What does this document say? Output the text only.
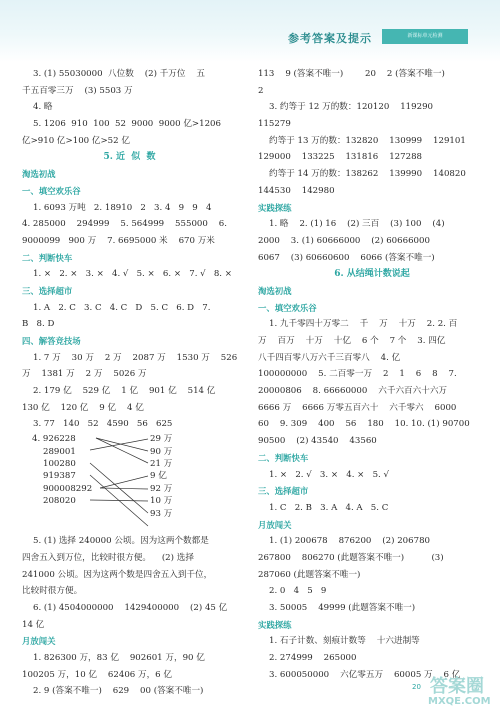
参考答案及提示	新课标单元检测
3. (1) 55030000  八位数    (2) 千万位    五
千五百零三万    (3) 5503 万
4. 略
5. 1206  910  100  52  9000  9000 亿>1206
亿>910 亿>100 亿>52 亿
5. 近  似  数
淘选初战
一、填空欢乐谷
1. 6093 万吨   2. 18910   2   3. 4   9   9   4
4. 285000    294999    5. 564999    555000    6.
9000099   900 万    7. 6695000 米    670 万米
二、判断快车
1. ×   2. ×   3. ×   4. √   5. ×   6. ×   7. √   8. ×
三、选择超市
1. A   2. C   3. C   4. C   D   5. C   6. D   7.
B   8. D
四、解答竞技场
1. 7 万    30 万    2 万    2087 万    1530 万    526
万    1381 万    2 万    5026 万
2. 179 亿    529 亿    1 亿    901 亿    514 亿
130 亿    120 亿    9 亿    4 亿
3. 77   140   52   4590   56   625
4. 926228
289001
100280
919387
900008292
208020
29 万
90 万
21 万
9 亿
92 万
10 万
93 万
5. (1) 选择 240000 公顷。因为这两个数都是
四舍五入到万位，比较时很方便。    (2) 选择
241000 公顷。因为这两个数是四舍五入到千位，
比较时很方便。
6. (1) 4504000000    1429400000    (2) 45 亿
14 亿
月放闯关
1. 826300 万，83 亿    902601 万，90 亿
100205 万，10 亿    62406 万，6 亿
2. 9 (答案不唯一)    629    00 (答案不唯一)
113    9 (答案不唯一)        20    2 (答案不唯一)
2
3. 约等于 12 万的数：120120    119290
115279
约等于 13 万的数：132820    130999    129101
129000    133225    131816    127288
约等于 14 万的数：138262    139990    140820
144530    142980
实践探练
1. 略    2. (1) 16    (2) 三百    (3) 100    (4)
2000    3. (1) 60666000    (2) 60666000
6067    (3) 60660600    6066 (答案不唯一)
6. 从结绳计数说起
淘选初战
一、填空欢乐谷
1. 九千零四十万零二    千    万    十万    2. 2. 百
万    百万    十万    十亿    6 个    7 个    3. 四亿
八千四百零八万六千三百零八    4. 亿
100000000    5. 二百零一万    2    1    6    8    7.
20000806    8. 66660000    六千六百六十六万
6666 万    6666 万零五百六十    六千零六    6000
60    9. 309    400    56    180    10. 10. (1) 90700
90500    (2) 43540    43560
二、判断快车
1. ×   2. √   3. ×   4. ×   5. √
三、选择超市
1. C   2. B   3. A   4. A   5. C
月放闯关
1. (1) 200678    876200    (2) 206780
267800    806270 (此题答案不唯一)          (3)
287060 (此题答案不唯一)
2. 0   4   5   9
3. 50005    49999 (此题答案不唯一)
实践探练
1. 石子计数、刻痕计数等    十六进制等
2. 274999    265000
3. 600050000    六亿零五万    60005 万    6 亿
20 答案圈
MXQE.COM
